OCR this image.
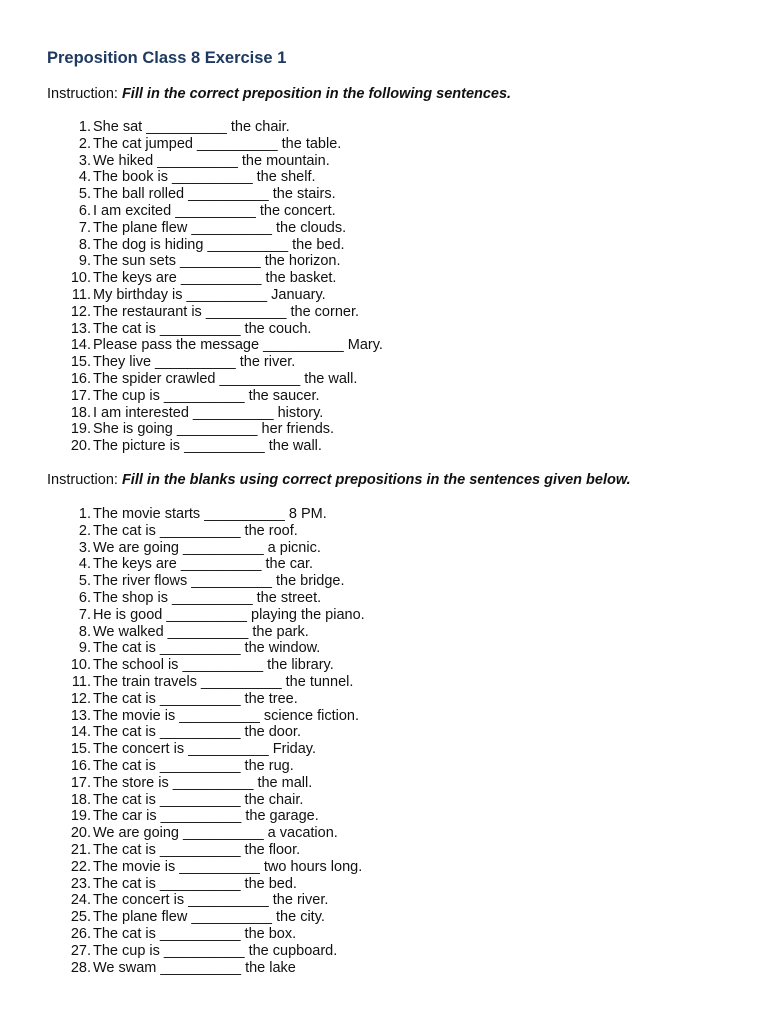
Preposition Class 8 Exercise 1
Instruction: Fill in the correct preposition in the following sentences.
1. She sat __________ the chair.
2. The cat jumped __________ the table.
3. We hiked __________ the mountain.
4. The book is __________ the shelf.
5. The ball rolled __________ the stairs.
6. I am excited __________ the concert.
7. The plane flew __________ the clouds.
8. The dog is hiding __________ the bed.
9. The sun sets __________ the horizon.
10. The keys are __________ the basket.
11. My birthday is __________ January.
12. The restaurant is __________ the corner.
13. The cat is __________ the couch.
14. Please pass the message __________ Mary.
15. They live __________ the river.
16. The spider crawled __________ the wall.
17. The cup is __________ the saucer.
18. I am interested __________ history.
19. She is going __________ her friends.
20. The picture is __________ the wall.
Instruction: Fill in the blanks using correct prepositions in the sentences given below.
1. The movie starts __________ 8 PM.
2. The cat is __________ the roof.
3. We are going __________ a picnic.
4. The keys are __________ the car.
5. The river flows __________ the bridge.
6. The shop is __________ the street.
7. He is good __________ playing the piano.
8. We walked __________ the park.
9. The cat is __________ the window.
10. The school is __________ the library.
11. The train travels __________ the tunnel.
12. The cat is __________ the tree.
13. The movie is __________ science fiction.
14. The cat is __________ the door.
15. The concert is __________ Friday.
16. The cat is __________ the rug.
17. The store is __________ the mall.
18. The cat is __________ the chair.
19. The car is __________ the garage.
20. We are going __________ a vacation.
21. The cat is __________ the floor.
22. The movie is __________ two hours long.
23. The cat is __________ the bed.
24. The concert is __________ the river.
25. The plane flew __________ the city.
26. The cat is __________ the box.
27. The cup is __________ the cupboard.
28. We swam __________ the lake
